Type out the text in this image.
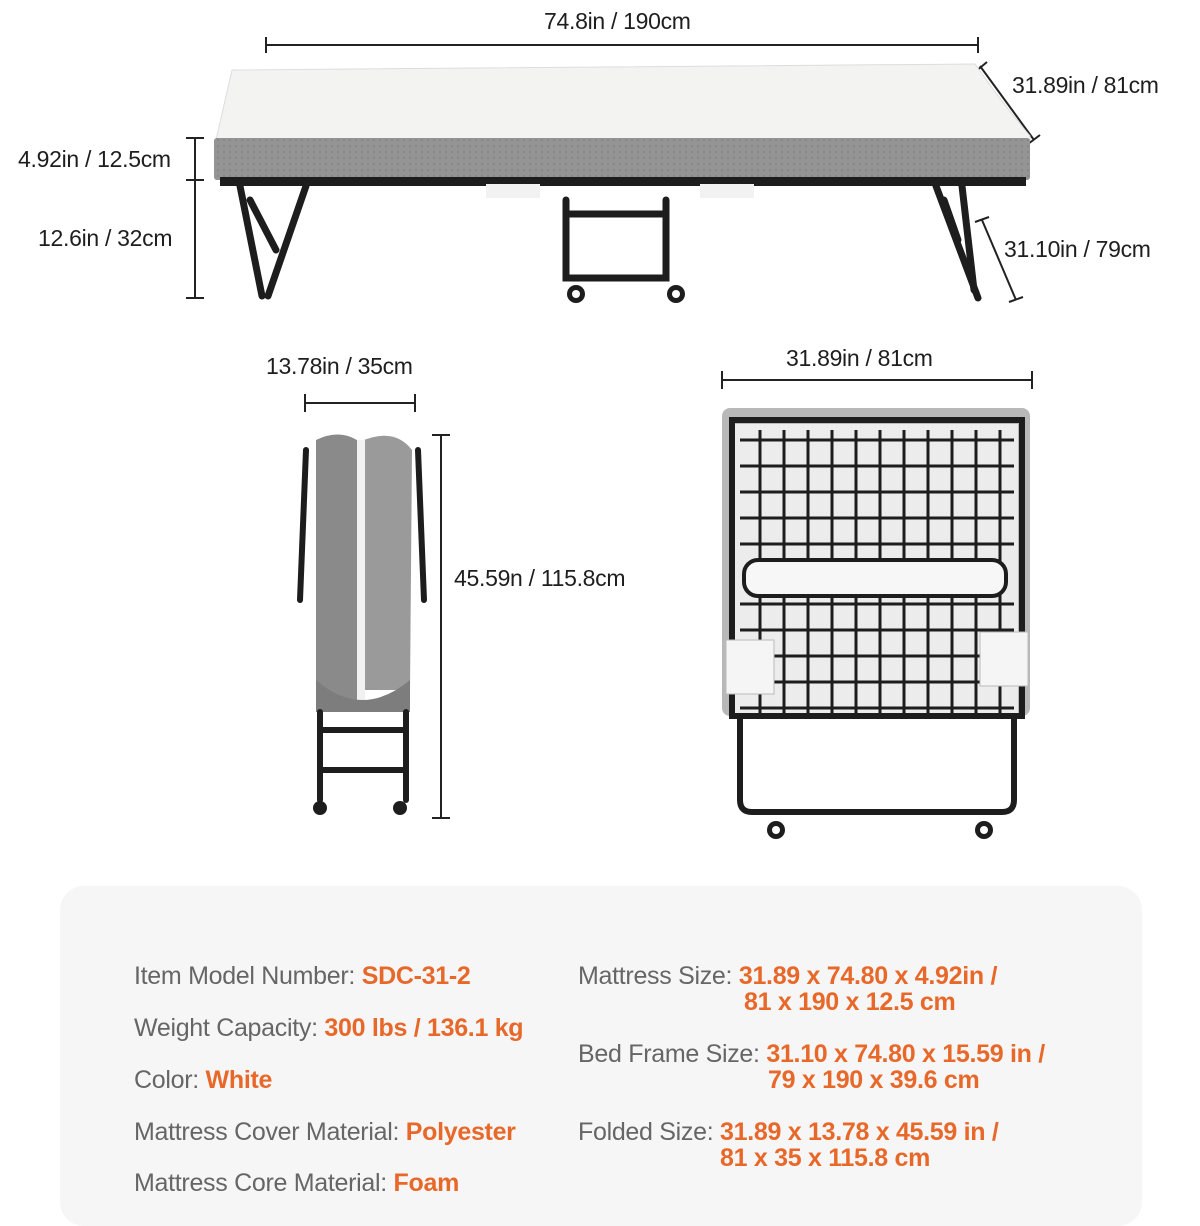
74.8in / 190cm
31.89in / 81cm
4.92in / 12.5cm
12.6in / 32cm	31.10in / 79cm
13.78in / 35cm
45.59n / 115.8cm
31.89in / 81cm
Item Model Number: SDC-31-2
Weight Capacity: 300 lbs / 136.1 kg
Color: White
Mattress Cover Material: Polyester
Mattress Core Material: Foam
Mattress Size: 31.89 x 74.80 x 4.92in /
81 x 190 x 12.5 cm
Bed Frame Size: 31.10 x 74.80 x 15.59 in /
79 x 190 x 39.6 cm
Folded Size: 31.89 x 13.78 x 45.59 in /
81 x 35 x 115.8 cm
